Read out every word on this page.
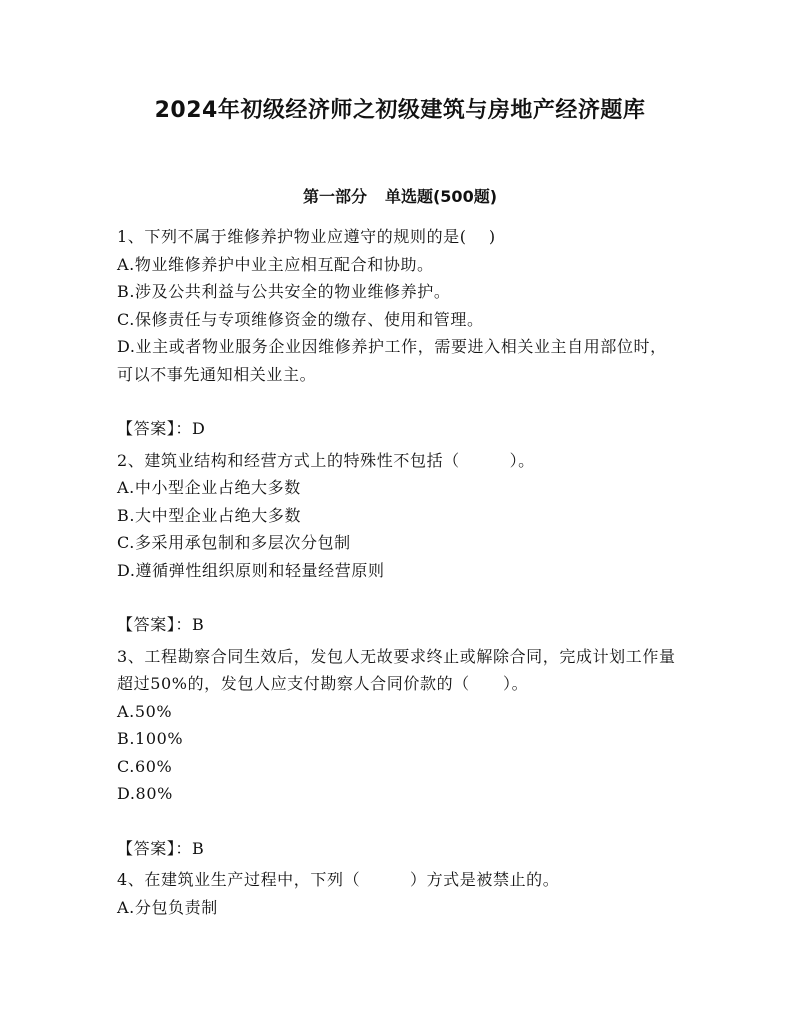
2024年初级经济师之初级建筑与房地产经济题库
第一部分 单选题(500题)

1、下列不属于维修养护物业应遵守的规则的是(　 )

A.物业维修养护中业主应相互配合和协助。

B.涉及公共利益与公共安全的物业维修养护。

C.保修责任与专项维修资金的缴存、使用和管理。

D.业主或者物业服务企业因维修养护工作，需要进入相关业主自用部位时，可以不事先通知相关业主。

【答案】：D

2、建筑业结构和经营方式上的特殊性不包括（　　　）。

A.中小型企业占绝大多数

B.大中型企业占绝大多数

C.多采用承包制和多层次分包制

D.遵循弹性组织原则和轻量经营原则

【答案】：B

3、工程勘察合同生效后，发包人无故要求终止或解除合同，完成计划工作量超过50%的，发包人应支付勘察人合同价款的（　　）。

A.50%

B.100%

C.60%

D.80%

【答案】：B

4、在建筑业生产过程中，下列（　　　）方式是被禁止的。

A.分包负责制
